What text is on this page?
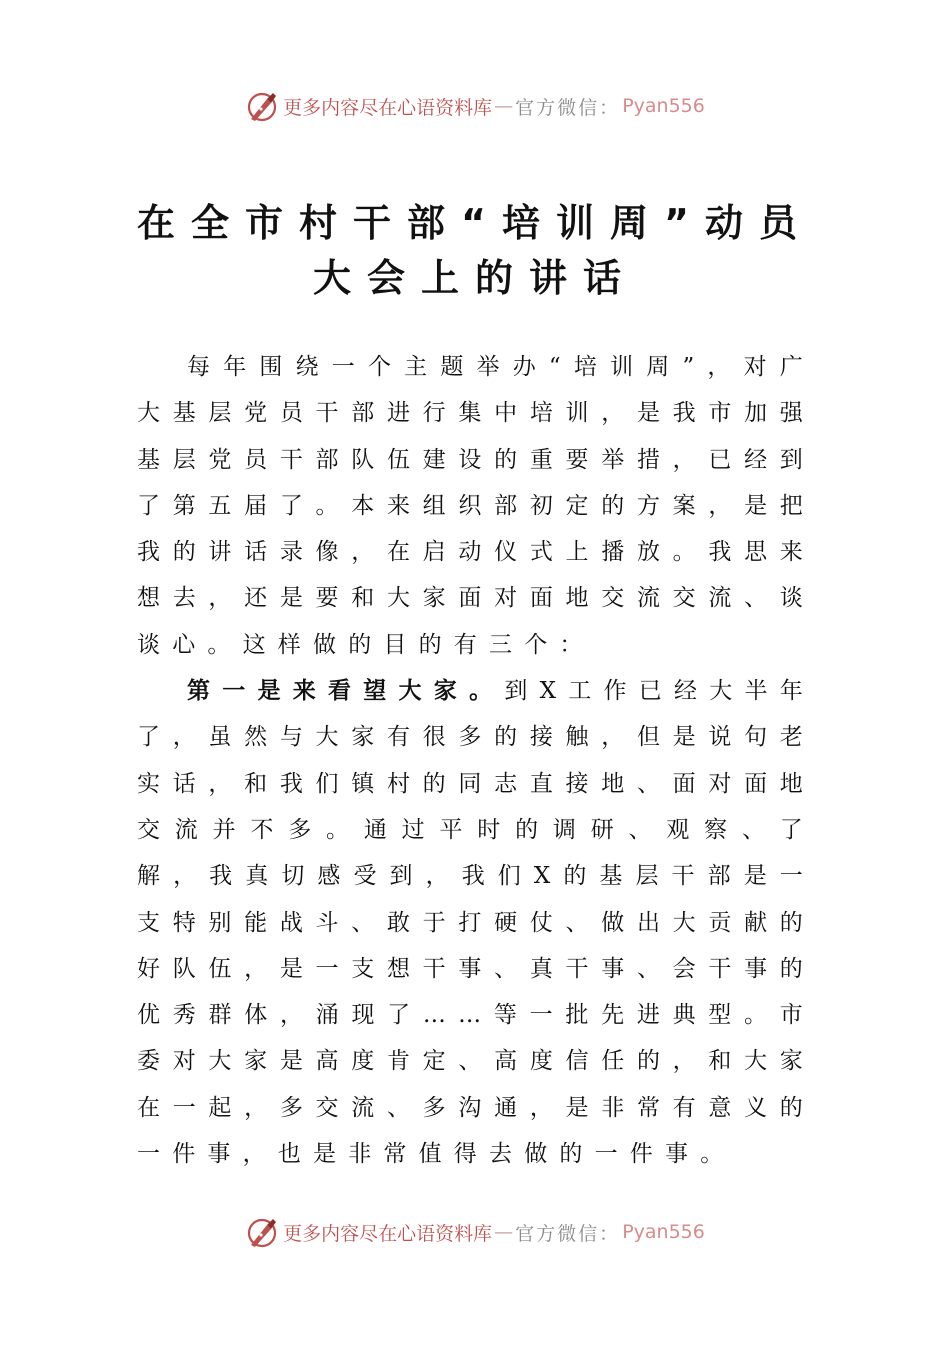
更多内容尽在心语资料库 — 官方微信： Pyan556
在全市村干部“培训周”动员
大会上的讲话

每年围绕一个主题举办“培训周”，对广大基层党员干部进行集中培训，是我市加强基层党员干部队伍建设的重要举措，已经到了第五届了。本来组织部初定的方案，是把我的讲话录像，在启动仪式上播放。我思来想去，还是要和大家面对面地交流交流、谈谈心。这样做的目的有三个：

第一是来看望大家。到X工作已经大半年了，虽然与大家有很多的接触，但是说句老实话，和我们镇村的同志直接地、面对面地交流并不多。通过平时的调研、观察、了解，我真切感受到，我们X的基层干部是一支特别能战斗、敢于打硬仗、做出大贡献的好队伍，是一支想干事、真干事、会干事的优秀群体，涌现了……等一批先进典型。市委对大家是高度肯定、高度信任的，和大家在一起，多交流、多沟通，是非常有意义的一件事，也是非常值得去做的一件事。

更多内容尽在心语资料库 — 官方微信： Pyan556
